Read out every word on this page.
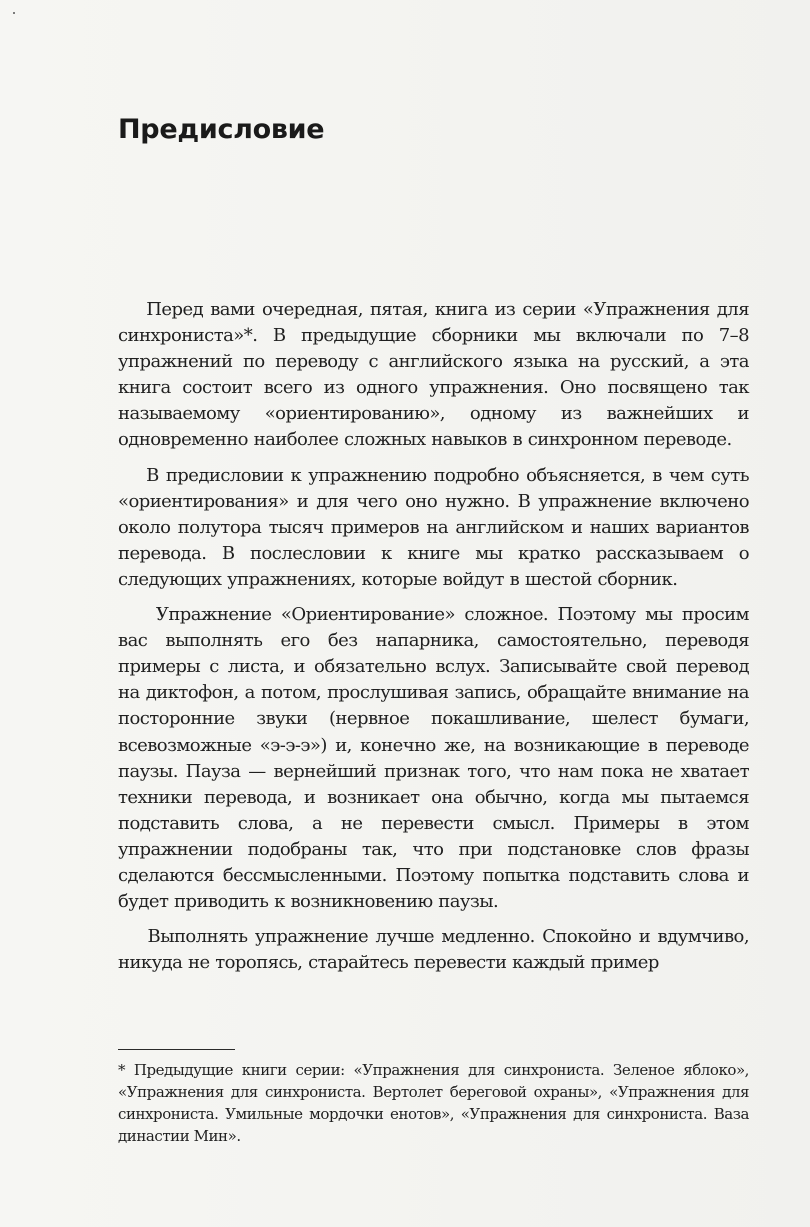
Предисловие

Перед вами очередная, пятая, книга из серии «Упражнения для синхрониста»*. В предыдущие сборники мы включали по 7–8 упражнений по переводу с английского языка на русский, а эта книга состоит всего из одного упражнения. Оно посвящено так называемому «ориентированию», одному из важнейших и одновременно наиболее сложных навыков в синхронном переводе.

В предисловии к упражнению подробно объясняется, в чем суть «ориентирования» и для чего оно нужно. В упражнение включено около полутора тысяч примеров на английском и наших вариантов перевода. В послесловии к книге мы кратко рассказываем о следующих упражнениях, которые войдут в шестой сборник.

Упражнение «Ориентирование» сложное. Поэтому мы просим вас выполнять его без напарника, самостоятельно, переводя примеры с листа, и обязательно вслух. Записывайте свой перевод на диктофон, а потом, прослушивая запись, обращайте внимание на посторонние звуки (нервное покашливание, шелест бумаги, всевозможные «э-э-э») и, конечно же, на возникающие в переводе паузы. Пауза — вернейший признак того, что нам пока не хватает техники перевода, и возникает она обычно, когда мы пытаемся подставить слова, а не перевести смысл. Примеры в этом упражнении подобраны так, что при подстановке слов фразы сделаются бессмысленными. Поэтому попытка подставить слова и будет приводить к возникновению паузы.

Выполнять упражнение лучше медленно. Спокойно и вдумчиво, никуда не торопясь, старайтесь перевести каждый пример

* Предыдущие книги серии: «Упражнения для синхрониста. Зеленое яблоко», «Упражнения для синхрониста. Вертолет береговой охраны», «Упражнения для синхрониста. Умильные мордочки енотов», «Упражнения для синхрониста. Ваза династии Мин».
